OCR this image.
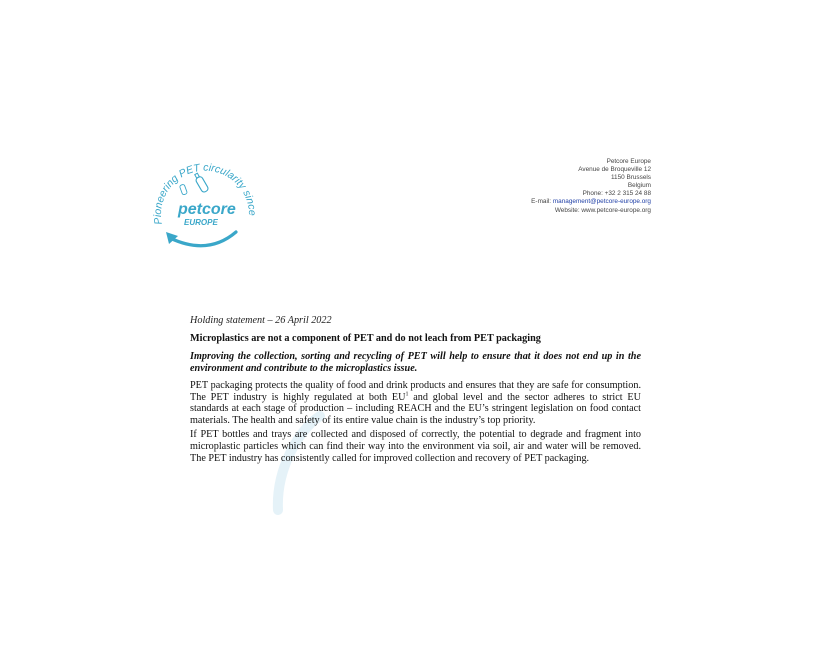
Pioneering PET circularity since
petcore
EUROPE
Petcore Europe
Avenue de Broqueville 12
1150 Brussels
Belgium
Phone: +32 2 315 24 88
E-mail: management@petcore-europe.org
Website: www.petcore-europe.org

Holding statement – 26 April 2022

Microplastics are not a component of PET and do not leach from PET packaging

Improving the collection, sorting and recycling of PET will help to ensure that it does not end up in the environment and contribute to the microplastics issue.

PET packaging protects the quality of food and drink products and ensures that they are safe for consumption. The PET industry is highly regulated at both $EU^1$ and global level and the sector adheres to strict EU standards at each stage of production – including REACH and the EU’s stringent legislation on food contact materials. The health and safety of its entire value chain is the industry’s top priority.

If PET bottles and trays are collected and disposed of correctly, the potential to degrade and fragment into microplastic particles which can find their way into the environment via soil, air and water will be removed. The PET industry has consistently called for improved collection and recovery of PET packaging.
